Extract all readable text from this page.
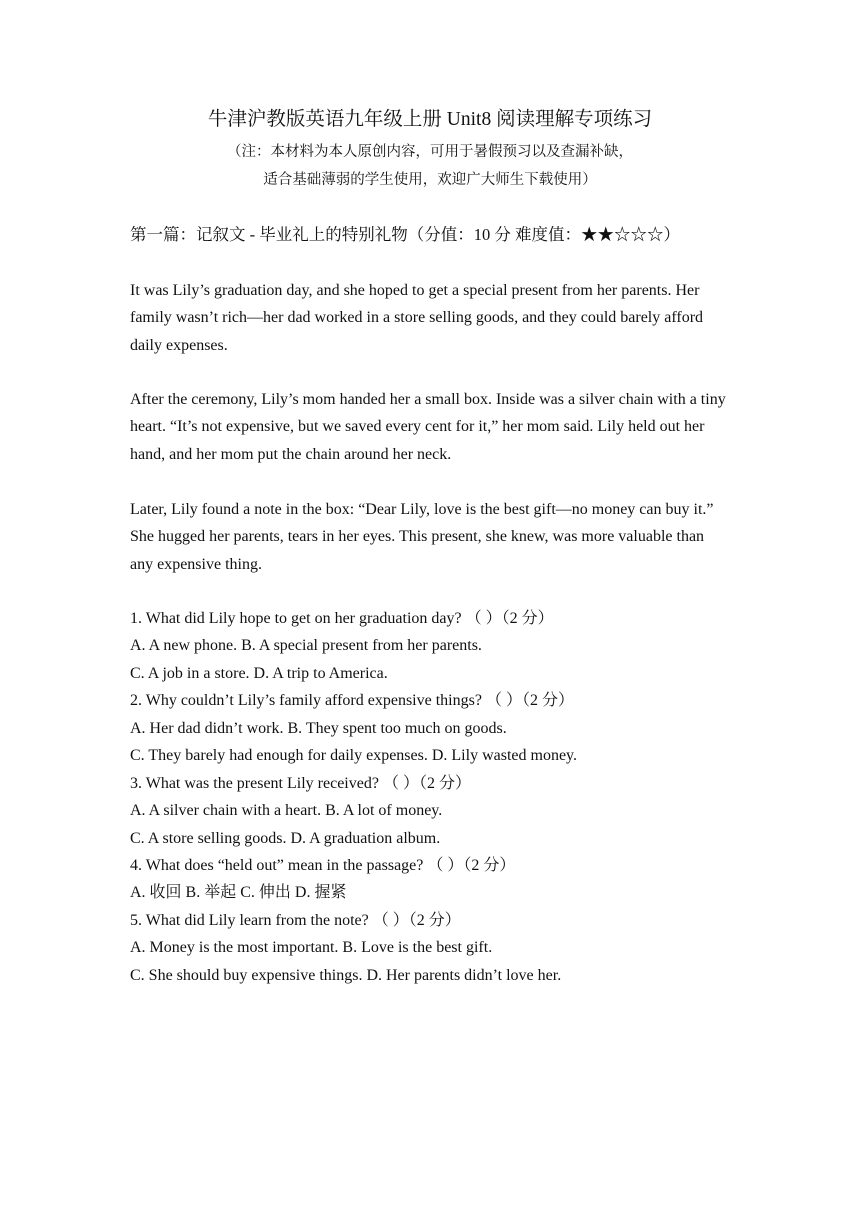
牛津沪教版英语九年级上册 Unit8 阅读理解专项练习
（注：本材料为本人原创内容，可用于暑假预习以及查漏补缺，
适合基础薄弱的学生使用，欢迎广大师生下载使用）
第一篇：记叙文 - 毕业礼上的特别礼物（分值：10 分 难度值：★★☆☆☆）

It was Lily’s graduation day, and she hoped to get a special present from her parents. Her family wasn’t rich—her dad worked in a store selling goods, and they could barely afford daily expenses.

After the ceremony, Lily’s mom handed her a small box. Inside was a silver chain with a tiny heart. “It’s not expensive, but we saved every cent for it,” her mom said. Lily held out her hand, and her mom put the chain around her neck.

Later, Lily found a note in the box: “Dear Lily, love is the best gift—no money can buy it.” She hugged her parents, tears in her eyes. This present, she knew, was more valuable than any expensive thing.

1. What did Lily hope to get on her graduation day? （ ）（2 分）

A. A new phone. B. A special present from her parents.

C. A job in a store. D. A trip to America.

2. Why couldn’t Lily’s family afford expensive things? （ ）（2 分）

A. Her dad didn’t work. B. They spent too much on goods.

C. They barely had enough for daily expenses. D. Lily wasted money.

3. What was the present Lily received? （ ）（2 分）

A. A silver chain with a heart. B. A lot of money.

C. A store selling goods. D. A graduation album.

4. What does “held out” mean in the passage? （ ）（2 分）

A. 收回 B. 举起 C. 伸出 D. 握紧

5. What did Lily learn from the note? （ ）（2 分）

A. Money is the most important. B. Love is the best gift.

C. She should buy expensive things. D. Her parents didn’t love her.
